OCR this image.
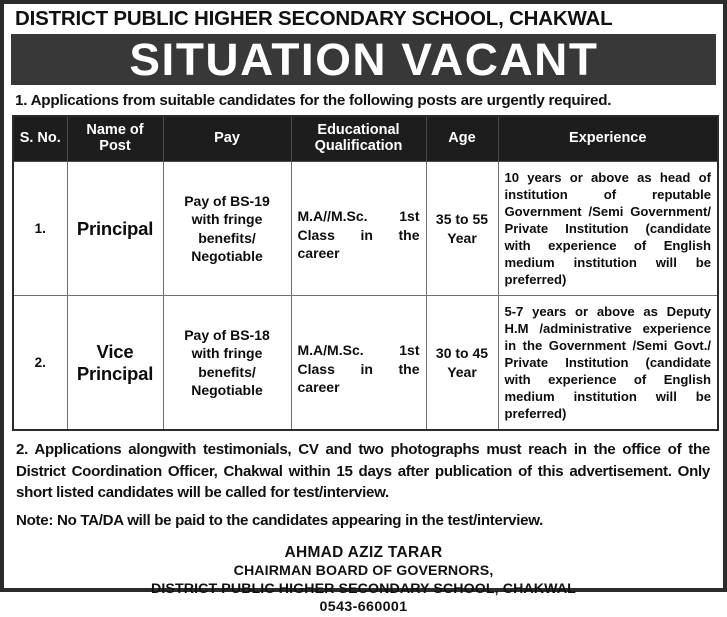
DISTRICT PUBLIC HIGHER SECONDARY SCHOOL, CHAKWAL
SITUATION VACANT
1. Applications from suitable candidates for the following posts are urgently required.
S. No.	Name of Post	Pay	Educational Qualification	Age	Experience
1.	Principal	Pay of BS-19 with fringe benefits/ Negotiable	M.A//M.Sc. 1st Class in the career	35 to 55 Year	10 years or above as head of institution of reputable Government /Semi Government/ Private Institution (candidate with experience of English medium institution will be preferred)
2.	Vice Principal	Pay of BS-18 with fringe benefits/ Negotiable	M.A/M.Sc. 1st Class in the career	30 to 45 Year	5-7 years or above as Deputy H.M /administrative experience in the Government /Semi Govt./ Private Institution (candidate with experience of English medium institution will be preferred)
2. Applications alongwith testimonials, CV and two photographs must reach in the office of the District Coordination Officer, Chakwal within 15 days after publication of this advertisement. Only short listed candidates will be called for test/interview.
Note: No TA/DA will be paid to the candidates appearing in the test/interview.
AHMAD AZIZ TARAR
CHAIRMAN BOARD OF GOVERNORS,
DISTRICT PUBLIC HIGHER SECONDARY SCHOOL, CHAKWAL
0543-660001
